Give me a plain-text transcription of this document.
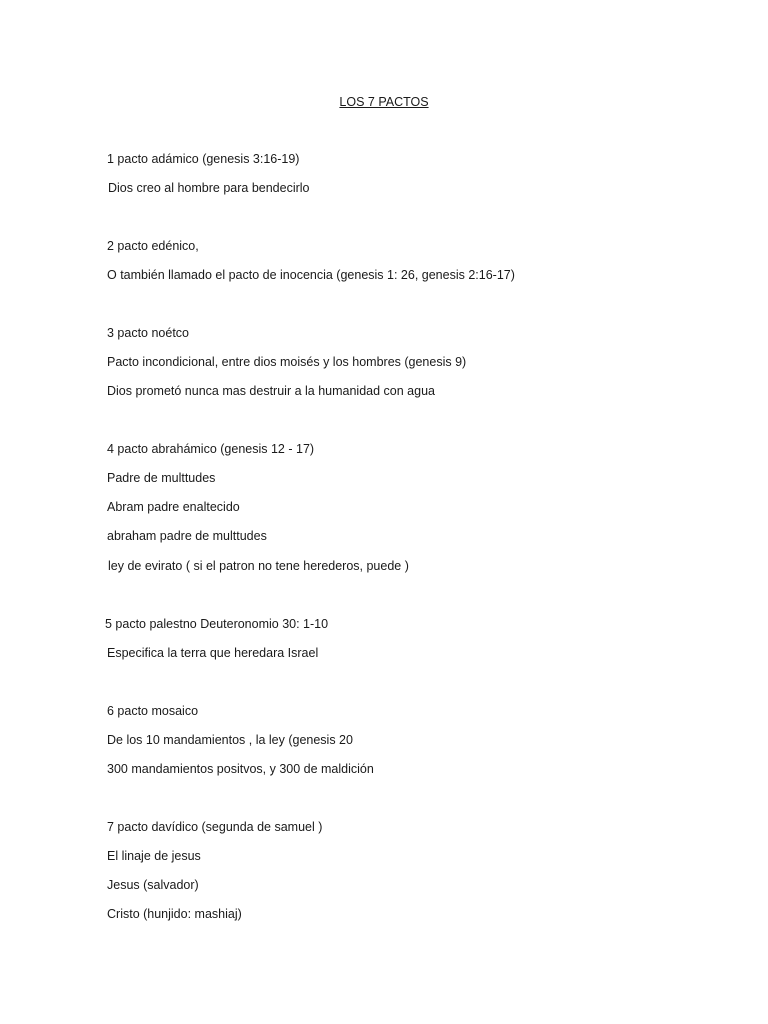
LOS 7 PACTOS
1 pacto adámico (genesis 3:16-19)
Dios creo al hombre para bendecirlo
2 pacto edénico,
O también llamado el pacto de inocencia (genesis 1: 26, genesis 2:16-17)
3 pacto noétco
Pacto incondicional, entre dios moisés y los hombres (genesis 9)
Dios prometó nunca mas destruir a la humanidad con agua
4 pacto abrahámico (genesis 12 - 17)
Padre de multtudes
Abram padre enaltecido
abraham padre de multtudes
ley de evirato ( si el patron no tene herederos, puede )
5 pacto palestno Deuteronomio 30: 1-10
Especifica la terra que heredara Israel
6 pacto mosaico
De los 10 mandamientos , la ley (genesis 20
300 mandamientos positvos, y 300 de maldición
7 pacto davídico (segunda de samuel )
El linaje de jesus
Jesus (salvador)
Cristo (hunjido: mashiaj)
